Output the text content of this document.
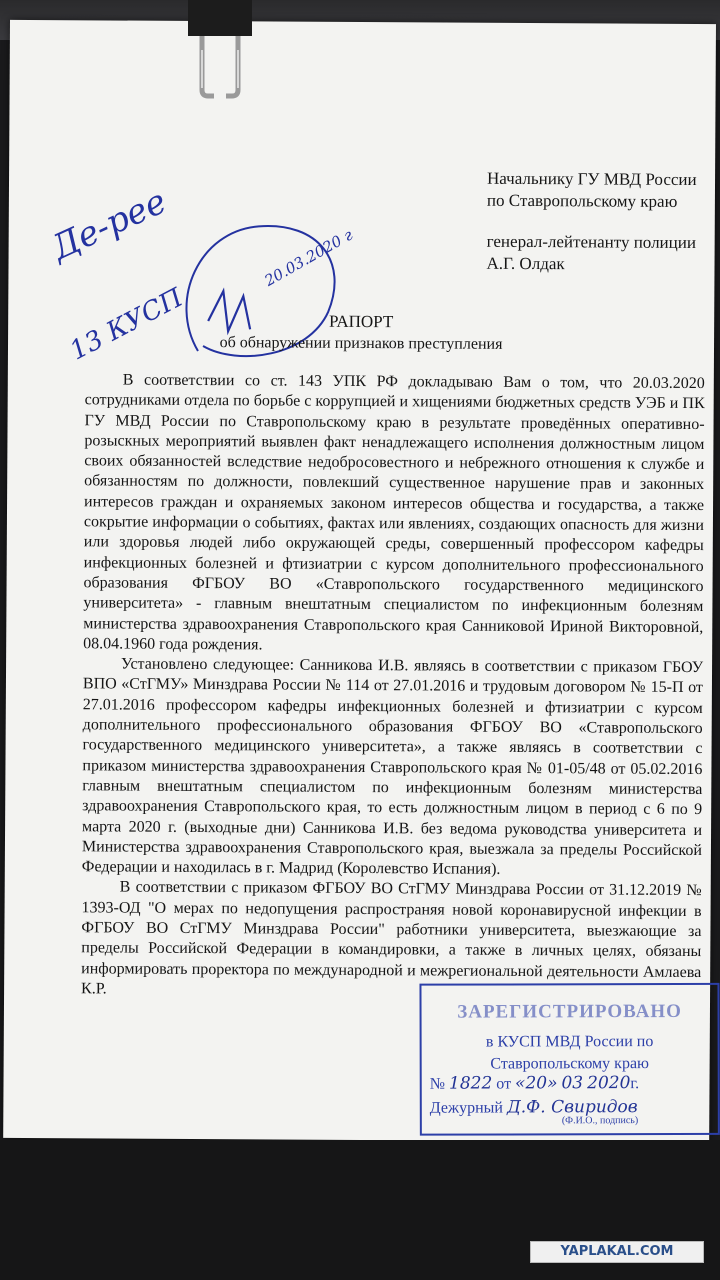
Начальнику ГУ МВД России
по Ставропольскому краю
генерал-лейтенанту полиции
А.Г. Олдак
Де-рее
13 КУСП
20.03.2020 г
РАПОРТ
об обнаружении признаков преступления

В соответствии со ст. 143 УПК РФ докладываю Вам о том, что 20.03.2020 сотрудниками отдела по борьбе с коррупцией и хищениями бюджетных средств УЭБ и ПК ГУ МВД России по Ставропольскому краю в результате проведённых оперативно-розыскных мероприятий выявлен факт ненадлежащего исполнения должностным лицом своих обязанностей вследствие недобросовестного и небрежного отношения к службе и обязанностям по должности, повлекший существенное нарушение прав и законных интересов граждан и охраняемых законом интересов общества и государства, а также сокрытие информации о событиях, фактах или явлениях, создающих опасность для жизни или здоровья людей либо окружающей среды, совершенный профессором кафедры инфекционных болезней и фтизиатрии с курсом дополнительного профессионального образования ФГБОУ ВО «Ставропольского государственного медицинского университета» - главным внештатным специалистом по инфекционным болезням министерства здравоохранения Ставропольского края Санниковой Ириной Викторовной, 08.04.1960 года рождения.

Установлено следующее: Санникова И.В. являясь в соответствии с приказом ГБОУ ВПО «СтГМУ» Минздрава России № 114 от 27.01.2016 и трудовым договором № 15-П от 27.01.2016 профессором кафедры инфекционных болезней и фтизиатрии с курсом дополнительного профессионального образования ФГБОУ ВО «Ставропольского государственного медицинского университета», а также являясь в соответствии с приказом министерства здравоохранения Ставропольского края № 01-05/48 от 05.02.2016 главным внештатным специалистом по инфекционным болезням министерства здравоохранения Ставропольского края, то есть должностным лицом в период с 6 по 9 марта 2020 г. (выходные дни) Санникова И.В. без ведома руководства университета и Министерства здравоохранения Ставропольского края, выезжала за пределы Российской Федерации и находилась в г. Мадрид (Королевство Испания).

В соответствии с приказом ФГБОУ ВО СтГМУ Минздрава России от 31.12.2019 № 1393-ОД "О мерах по недопущения распространяя новой коронавирусной инфекции в ФГБОУ ВО СтГМУ Минздрава России" работники университета, выезжающие за пределы Российской Федерации в командировки, а также в личных целях, обязаны информировать проректора по международной и межрегиональной деятельности Амлаева К.Р.

ЗАРЕГИСТРИРОВАНО
в КУСП МВД России по
Ставропольскому краю
№ 1822 от «20» 03 2020г.
Дежурный Д.Ф. Свиридов
(Ф.И.О., подпись)
YAPLAKAL.COM
